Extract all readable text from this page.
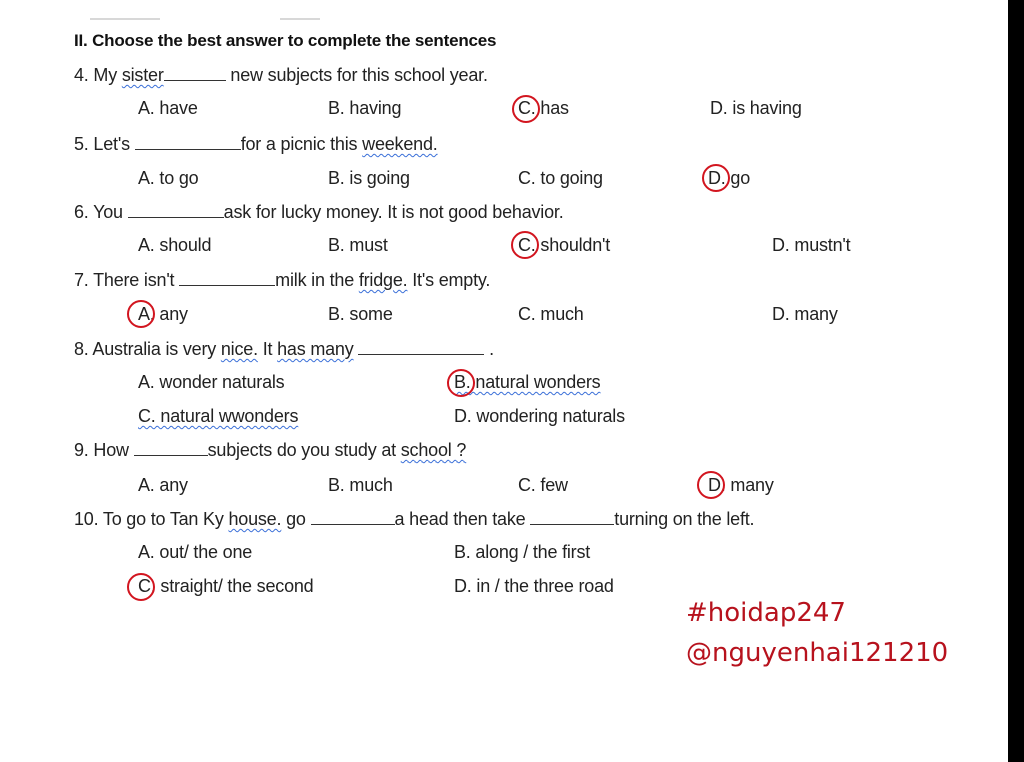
II. Choose the best answer to complete the sentences
4. My sister	new subjects for this school year.
A. have	B. having	C. has	D. is having
5. Let's	for a picnic this weekend.
A. to go	B. is going	C. to going	D. go
6. You	ask for lucky money. It is not good behavior.
A. should	B. must	C. shouldn't	D. mustn't
7. There isn't	milk in the fridge. It's empty.
A. any	B. some	C. much	D. many
8. Australia is very nice. It has many	.
A. wonder naturals	B. natural wonders
C. natural wwonders	D. wondering naturals
9. How	subjects do you study at school ?
A. any	B. much	C. few	D. many
10. To go to Tan Ky house. go	a head then take	turning on the left.
A. out/ the one	B. along / the first
C. straight/ the second	D. in / the three road
#hoidap247
@nguyenhai121210
